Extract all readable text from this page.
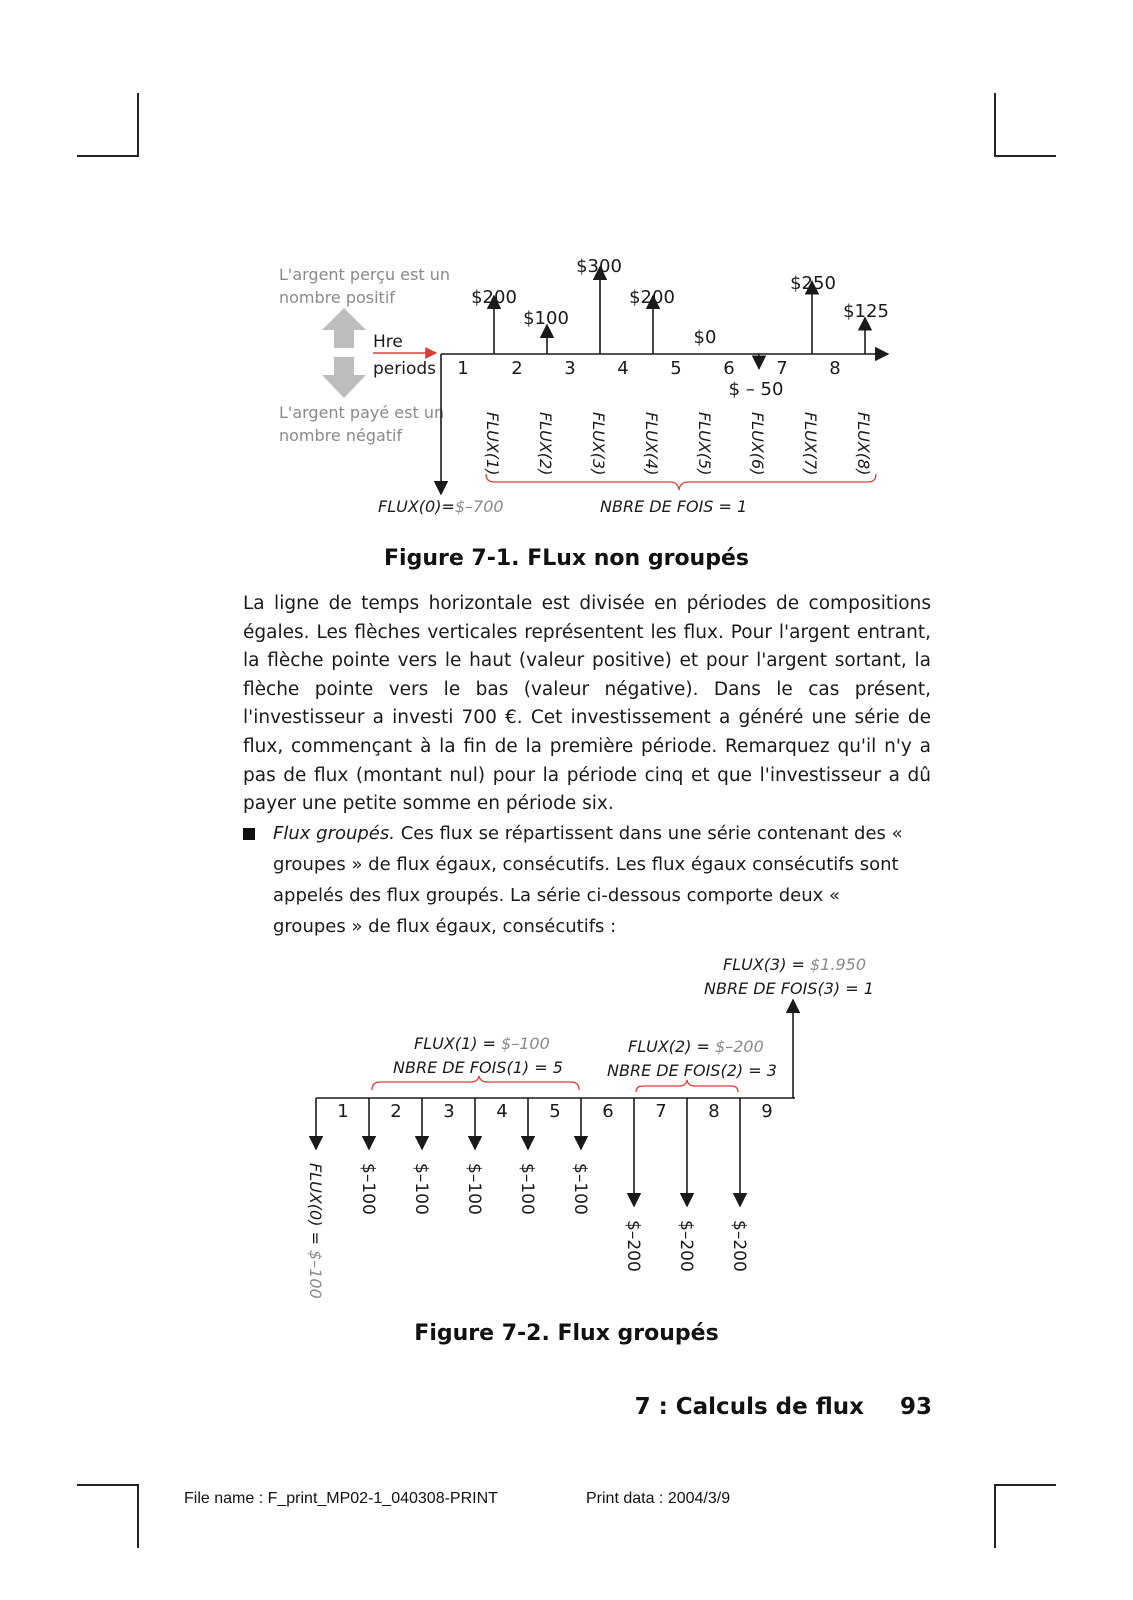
L'argent perçu est un
nombre positif
Hre
periods
L'argent payé est un
nombre négatif
FLUX(0)=$–700
$200
1
$100
2
$300
3
$200
4
$0
5
$ – 50
6
$250
7
$125
8
FLUX(1) FLUX(2) FLUX(3) FLUX(4) FLUX(5) FLUX(6) FLUX(7) FLUX(8)
NBRE DE FOIS = 1
Figure 7-1. FLux non groupés

La ligne de temps horizontale est divisée en périodes de compositions égales. Les flèches verticales représentent les flux. Pour l'argent entrant, la flèche pointe vers le haut (valeur positive) et pour l'argent sortant, la flèche pointe vers le bas (valeur négative). Dans le cas présent, l'investisseur a investi 700 €. Cet investissement a généré une série de flux, commençant à la fin de la première période. Remarquez qu'il n'y a pas de flux (montant nul) pour la période cinq et que l'investisseur a dû payer une petite somme en période six.

Flux groupés. Ces flux se répartissent dans une série contenant des « groupes » de flux égaux, consécutifs. Les flux égaux consécutifs sont appelés des flux groupés. La série ci-dessous comporte deux « groupes » de flux égaux, consécutifs :

FLUX(3) = $1.950
NBRE DE FOIS(3) = 1
FLUX(1) = $–100
NBRE DE FOIS(1) = 5
FLUX(2) = $–200
NBRE DE FOIS(2) = 3
1 2 3 4 5 6 7 8 9
$–100 $–100 $–100 $–100 $–100
$–200 $–200 $–200
FLUX(0) = $–100
Figure 7-2. Flux groupés
7 : Calculs de flux 93
File name : F_print_MP02-1_040308-PRINT	Print data : 2004/3/9
